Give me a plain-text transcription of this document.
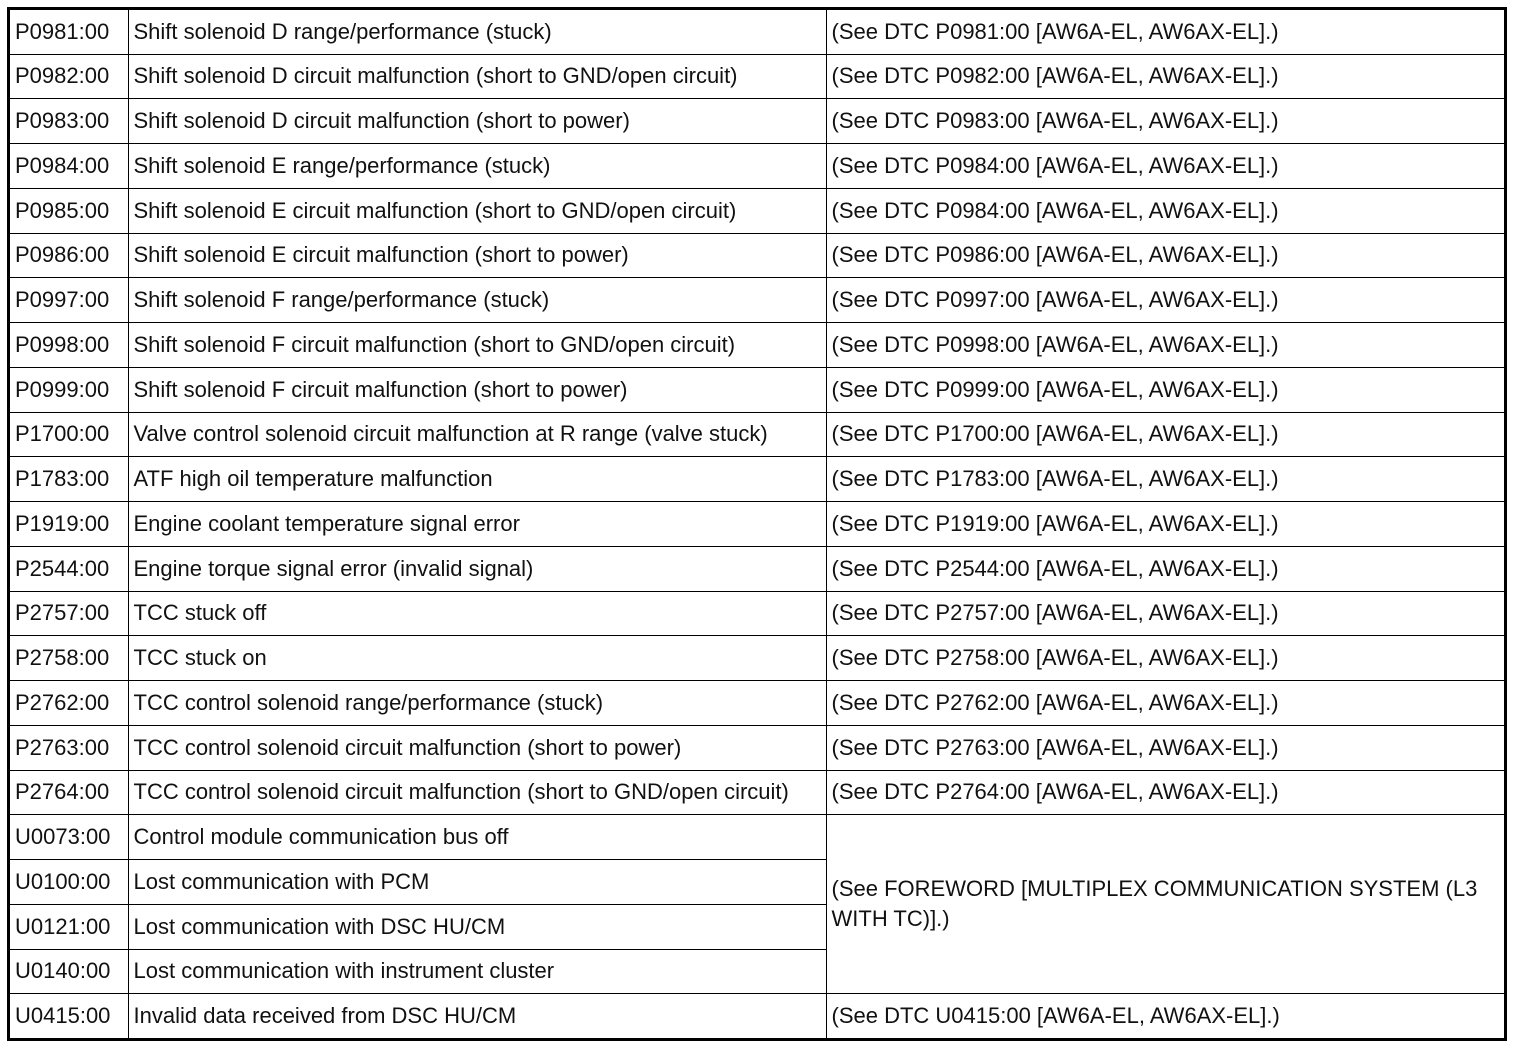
P0981:00	Shift solenoid D range/performance (stuck)	(See DTC P0981:00 [AW6A-EL, AW6AX-EL].)
P0982:00	Shift solenoid D circuit malfunction (short to GND/open circuit)	(See DTC P0982:00 [AW6A-EL, AW6AX-EL].)
P0983:00	Shift solenoid D circuit malfunction (short to power)	(See DTC P0983:00 [AW6A-EL, AW6AX-EL].)
P0984:00	Shift solenoid E range/performance (stuck)	(See DTC P0984:00 [AW6A-EL, AW6AX-EL].)
P0985:00	Shift solenoid E circuit malfunction (short to GND/open circuit)	(See DTC P0984:00 [AW6A-EL, AW6AX-EL].)
P0986:00	Shift solenoid E circuit malfunction (short to power)	(See DTC P0986:00 [AW6A-EL, AW6AX-EL].)
P0997:00	Shift solenoid F range/performance (stuck)	(See DTC P0997:00 [AW6A-EL, AW6AX-EL].)
P0998:00	Shift solenoid F circuit malfunction (short to GND/open circuit)	(See DTC P0998:00 [AW6A-EL, AW6AX-EL].)
P0999:00	Shift solenoid F circuit malfunction (short to power)	(See DTC P0999:00 [AW6A-EL, AW6AX-EL].)
P1700:00	Valve control solenoid circuit malfunction at R range (valve stuck)	(See DTC P1700:00 [AW6A-EL, AW6AX-EL].)
P1783:00	ATF high oil temperature malfunction	(See DTC P1783:00 [AW6A-EL, AW6AX-EL].)
P1919:00	Engine coolant temperature signal error	(See DTC P1919:00 [AW6A-EL, AW6AX-EL].)
P2544:00	Engine torque signal error (invalid signal)	(See DTC P2544:00 [AW6A-EL, AW6AX-EL].)
P2757:00	TCC stuck off	(See DTC P2757:00 [AW6A-EL, AW6AX-EL].)
P2758:00	TCC stuck on	(See DTC P2758:00 [AW6A-EL, AW6AX-EL].)
P2762:00	TCC control solenoid range/performance (stuck)	(See DTC P2762:00 [AW6A-EL, AW6AX-EL].)
P2763:00	TCC control solenoid circuit malfunction (short to power)	(See DTC P2763:00 [AW6A-EL, AW6AX-EL].)
P2764:00	TCC control solenoid circuit malfunction (short to GND/open circuit)	(See DTC P2764:00 [AW6A-EL, AW6AX-EL].)
U0073:00	Control module communication bus off	(See FOREWORD [MULTIPLEX COMMUNICATION SYSTEM (L3 WITH TC)].)
U0100:00	Lost communication with PCM	
U0121:00	Lost communication with DSC HU/CM	
U0140:00	Lost communication with instrument cluster	
U0415:00	Invalid data received from DSC HU/CM	(See DTC U0415:00 [AW6A-EL, AW6AX-EL].)
